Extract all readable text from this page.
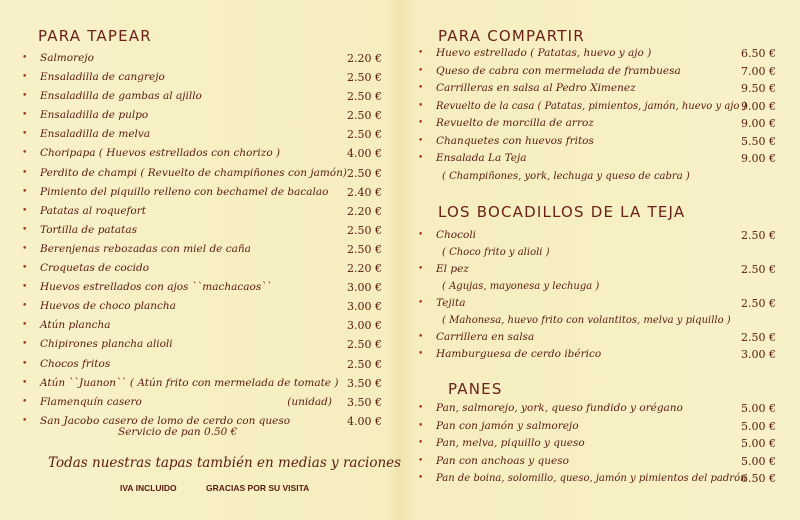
PARA TAPEAR
•	Salmorejo	2.20 €
•	Ensaladilla de cangrejo	2.50 €
•	Ensaladilla de gambas al ajillo	2.50 €
•	Ensaladilla de pulpo	2.50 €
•	Ensaladilla de melva	2.50 €
•	Choripapa ( Huevos estrellados con chorizo )	4.00 €
•	Perdito de champi ( Revuelto de champiñones con jamón) 2.50 €
•	Pimiento del piquillo relleno con bechamel de bacalao 2.40 €
•	Patatas al roquefort	2.20 €
•	Tortilla de patatas	2.50 €
•	Berenjenas rebozadas con miel de caña	2.50 €
•	Croquetas de cocido	2.20 €
•	Huevos estrellados con ajos ``machacaos``	3.00 €
•	Huevos de choco plancha	3.00 €
•	Atún plancha	3.00 €
•	Chipirones plancha alioli	2.50 €
•	Chocos fritos	2.50 €
•	Atún ``Juanon`` ( Atún frito con mermelada de tomate ) 3.50 €
•	Flamenquín casero	(unidad) 3.50 €
•	San Jacobo casero de lomo de cerdo con queso	4.00 €
Servicio de pan 0.50 €
Todas nuestras tapas también en medias y raciones
IVA INCLUIDO	GRACIAS POR SU VISITA
PARA COMPARTIR
•	Huevo estrellado ( Patatas, huevo y ajo )	6.50 €
•	Queso de cabra con mermelada de frambuesa	7.00 €
•	Carrilleras en salsa al Pedro Ximenez	9.50 €
•	Revuelto de la casa ( Patatas, pimientos, jamón, huevo y ajo )
9.00 €
•	Revuelto de morcilla de arroz	9.00 €
•	Chanquetes con huevos fritos	5.50 €
•	Ensalada La Teja	9.00 €
( Champiñones, york, lechuga y queso de cabra )
LOS BOCADILLOS DE LA TEJA
•	Chocoli	2.50 €
( Choco frito y alioli )
•	El pez	2.50 €
( Agujas, mayonesa y lechuga )
•	Tejita	2.50 €
( Mahonesa, huevo frito con volantitos, melva y piquillo )
•	Carrillera en salsa	2.50 €
•	Hamburguesa de cerdo ibérico	3.00 €
PANES
•	Pan, salmorejo, york, queso fundido y orégano	5.00 €
•	Pan con jamón y salmorejo	5.00 €
•	Pan, melva, piquillo y queso	5.00 €
•	Pan con anchoas y queso	5.00 €
•	Pan de boina, solomillo, queso, jamón y pimientos del padrón
6.50 €
